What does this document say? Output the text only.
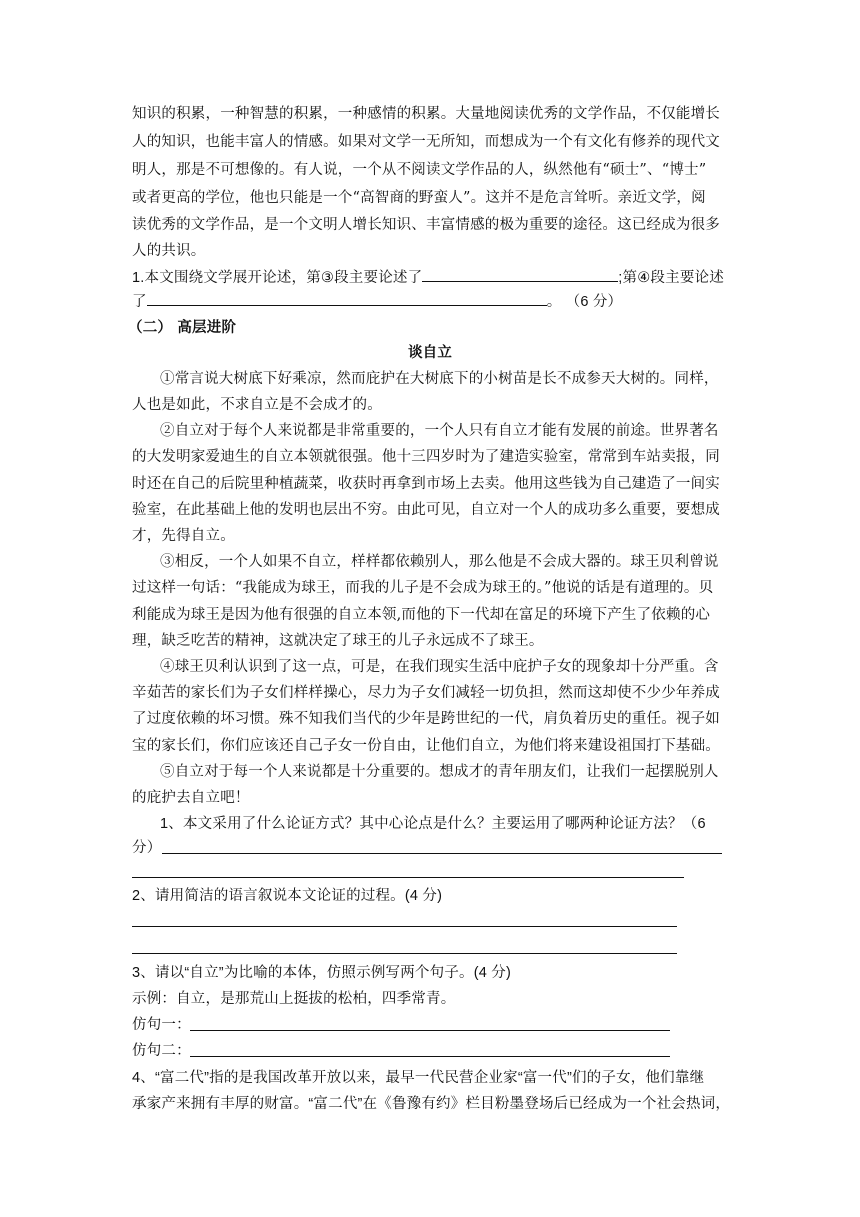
知识的积累，一种智慧的积累，一种感情的积累。大量地阅读优秀的文学作品，不仅能增长
人的知识，也能丰富人的情感。如果对文学一无所知，而想成为一个有文化有修养的现代文
明人，那是不可想像的。有人说，一个从不阅读文学作品的人，纵然他有“硕士”、“博士”
或者更高的学位，他也只能是一个“高智商的野蛮人”。这并不是危言耸听。亲近文学，阅
读优秀的文学作品，是一个文明人增长知识、丰富情感的极为重要的途径。这已经成为很多
人的共识。
1.本文围绕文学展开论述，第③段主要论述了	;第④段主要论述
了	。 （6 分）
（二） 高层进阶
谈自立
①常言说大树底下好乘凉，然而庇护在大树底下的小树苗是长不成参天大树的。同样，
人也是如此，不求自立是不会成才的。
②自立对于每个人来说都是非常重要的，一个人只有自立才能有发展的前途。世界著名
的大发明家爱迪生的自立本领就很强。他十三四岁时为了建造实验室，常常到车站卖报，同
时还在自己的后院里种植蔬菜，收获时再拿到市场上去卖。他用这些钱为自己建造了一间实
验室，在此基础上他的发明也层出不穷。由此可见，自立对一个人的成功多么重要，要想成
才，先得自立。
③相反，一个人如果不自立，样样都依赖别人，那么他是不会成大器的。球王贝利曾说
过这样一句话：“我能成为球王，而我的儿子是不会成为球王的。”他说的话是有道理的。贝
利能成为球王是因为他有很强的自立本领,而他的下一代却在富足的环境下产生了依赖的心
理，缺乏吃苦的精神，这就决定了球王的儿子永远成不了球王。
④球王贝利认识到了这一点，可是，在我们现实生活中庇护子女的现象却十分严重。含
辛茹苦的家长们为子女们样样操心，尽力为子女们减轻一切负担，然而这却使不少少年养成
了过度依赖的坏习惯。殊不知我们当代的少年是跨世纪的一代，肩负着历史的重任。视子如
宝的家长们，你们应该还自己子女一份自由，让他们自立，为他们将来建设祖国打下基础。
⑤自立对于每一个人来说都是十分重要的。想成才的青年朋友们，让我们一起摆脱别人
的庇护去自立吧！
1、本文采用了什么论证方式？其中心论点是什么？主要运用了哪两种论证方法？（6
分）
2、请用简洁的语言叙说本文论证的过程。(4 分)
3、请以“自立”为比喻的本体，仿照示例写两个句子。(4 分)
示例：自立，是那荒山上挺拔的松柏，四季常青。
仿句一：
仿句二：
4、“富二代”指的是我国改革开放以来，最早一代民营企业家“富一代”们的子女，他们靠继
承家产来拥有丰厚的财富。“富二代”在《鲁豫有约》栏目粉墨登场后已经成为一个社会热词，
